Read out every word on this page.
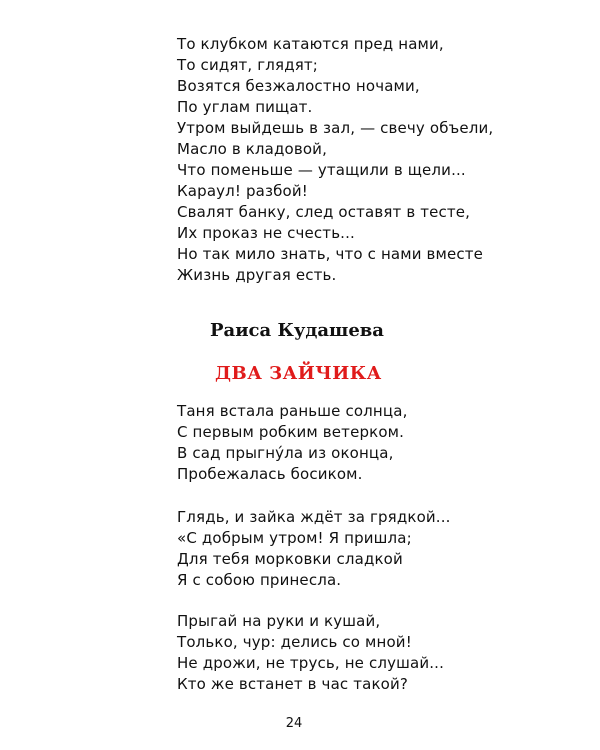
То клубком катаются пред нами,
То сидят, глядят;
Возятся безжалостно ночами,
По углам пищат.
Утром выйдешь в зал, — свечу объели,
Масло в кладовой,
Что поменьше — утащили в щели...
Караул! разбой!
Свалят банку, след оставят в тесте,
Их проказ не счесть...
Но так мило знать, что с нами вместе
Жизнь другая есть.
Раиса Кудашева
ДВА ЗАЙЧИКА
Таня встала раньше солнца,
С первым робким ветерком.
В сад прыгну́ла из оконца,
Пробежалась босиком.
Глядь, и зайка ждёт за грядкой...
«С добрым утром! Я пришла;
Для тебя морковки сладкой
Я с собою принесла.
Прыгай на руки и кушай,
Только, чур: делись со мной!
Не дрожи, не трусь, не слушай...
Кто же встанет в час такой?
24
